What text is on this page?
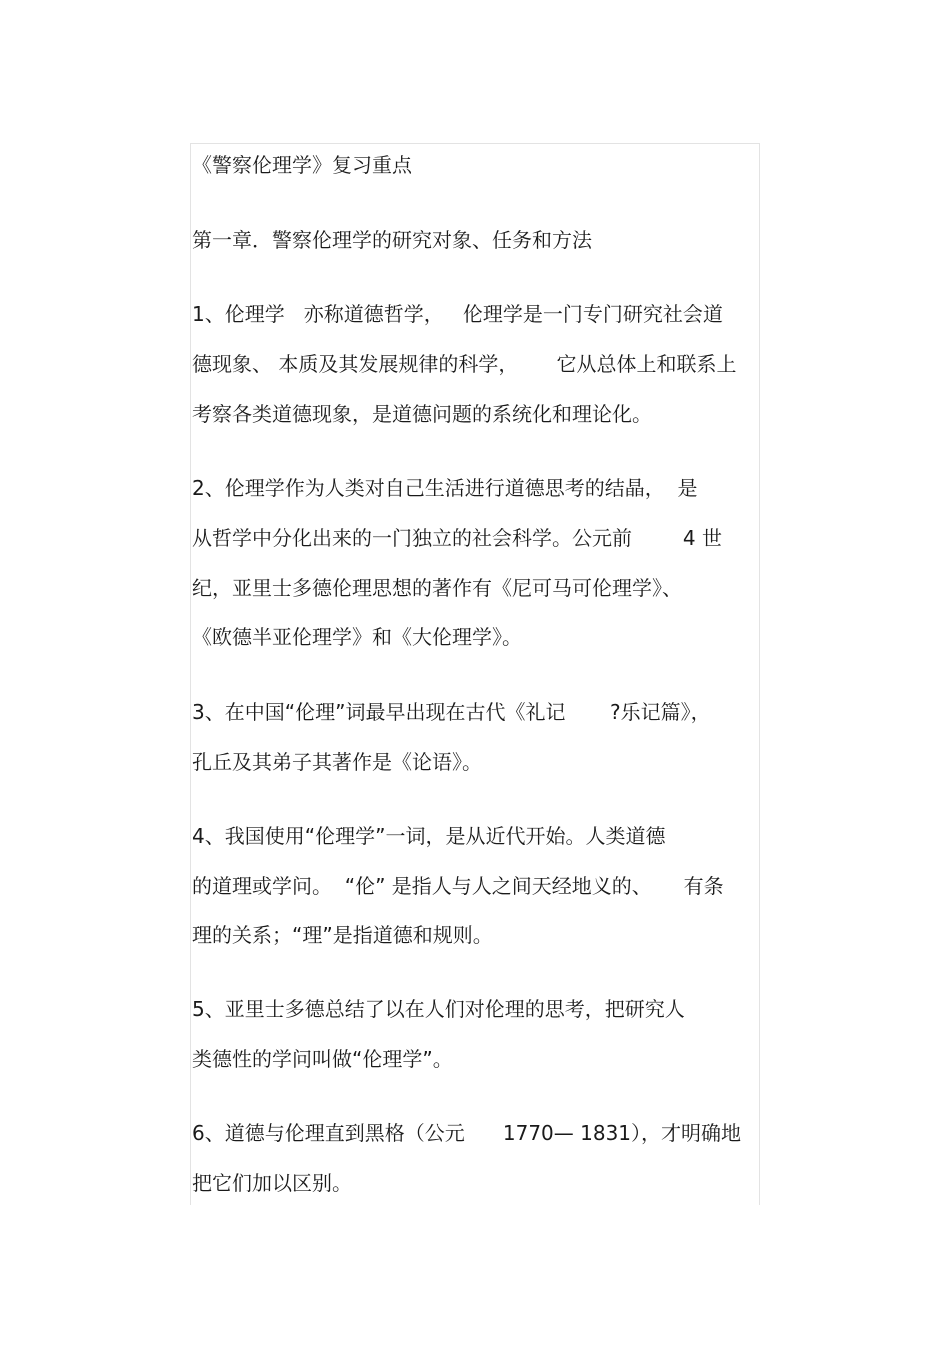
《警察伦理学》复习重点

第一章．警察伦理学的研究对象、任务和方法

1、伦理学   亦称道德哲学，   伦理学是一门专门研究社会道

德现象、 本质及其发展规律的科学，      它从总体上和联系上

考察各类道德现象，是道德问题的系统化和理论化。

2、伦理学作为人类对自己生活进行道德思考的结晶，  是

从哲学中分化出来的一门独立的社会科学。公元前        4 世

纪，亚里士多德伦理思想的著作有《尼可马可伦理学》、

《欧德半亚伦理学》和《大伦理学》。

3、在中国“伦理”词最早出现在古代《礼记       ?乐记篇》，

孔丘及其弟子其著作是《论语》。

4、我国使用“伦理学”一词，是从近代开始。人类道德

的道理或学问。  “伦” 是指人与人之间天经地义的、     有条

理的关系；“理”是指道德和规则。

5、亚里士多德总结了以在人们对伦理的思考，把研究人

类德性的学问叫做“伦理学”。

6、道德与伦理直到黑格（公元      1770— 1831），才明确地

把它们加以区别。
